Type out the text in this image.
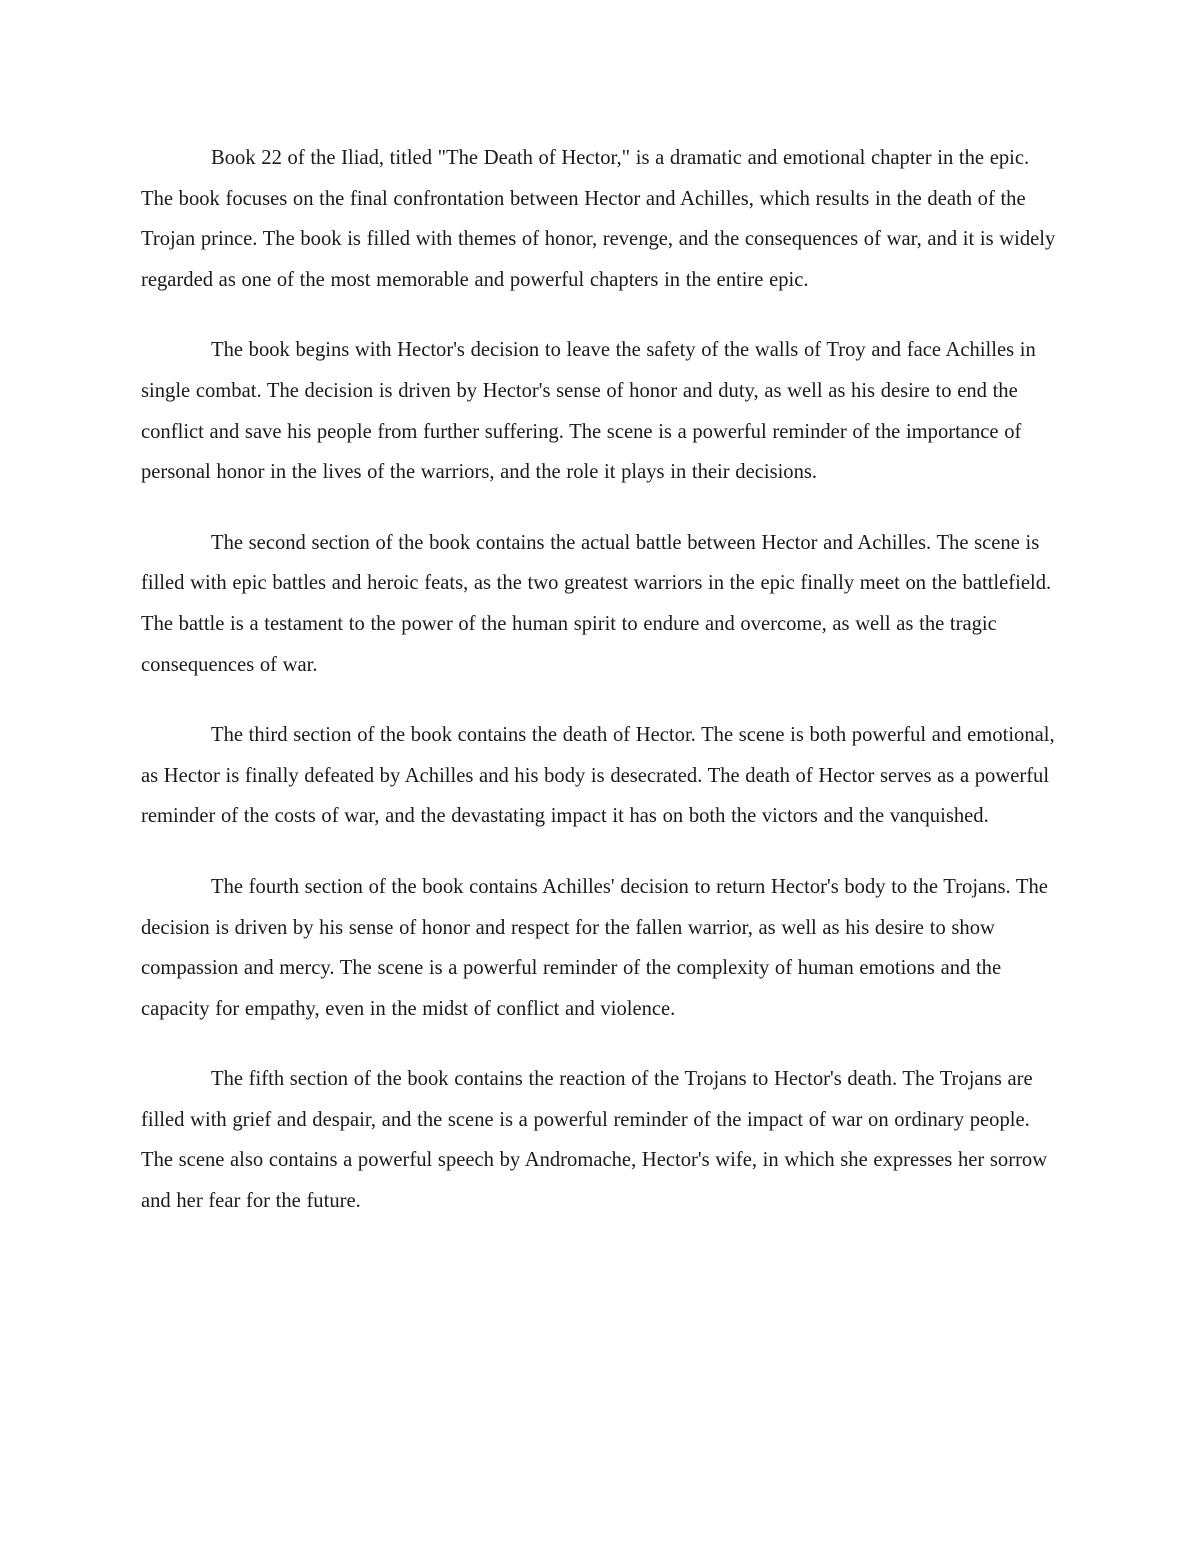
Book 22 of the Iliad, titled "The Death of Hector," is a dramatic and emotional chapter in the epic. The book focuses on the final confrontation between Hector and Achilles, which results in the death of the Trojan prince. The book is filled with themes of honor, revenge, and the consequences of war, and it is widely regarded as one of the most memorable and powerful chapters in the entire epic.

The book begins with Hector's decision to leave the safety of the walls of Troy and face Achilles in single combat. The decision is driven by Hector's sense of honor and duty, as well as his desire to end the conflict and save his people from further suffering. The scene is a powerful reminder of the importance of personal honor in the lives of the warriors, and the role it plays in their decisions.

The second section of the book contains the actual battle between Hector and Achilles. The scene is filled with epic battles and heroic feats, as the two greatest warriors in the epic finally meet on the battlefield. The battle is a testament to the power of the human spirit to endure and overcome, as well as the tragic consequences of war.

The third section of the book contains the death of Hector. The scene is both powerful and emotional, as Hector is finally defeated by Achilles and his body is desecrated. The death of Hector serves as a powerful reminder of the costs of war, and the devastating impact it has on both the victors and the vanquished.

The fourth section of the book contains Achilles' decision to return Hector's body to the Trojans. The decision is driven by his sense of honor and respect for the fallen warrior, as well as his desire to show compassion and mercy. The scene is a powerful reminder of the complexity of human emotions and the capacity for empathy, even in the midst of conflict and violence.

The fifth section of the book contains the reaction of the Trojans to Hector's death. The Trojans are filled with grief and despair, and the scene is a powerful reminder of the impact of war on ordinary people. The scene also contains a powerful speech by Andromache, Hector's wife, in which she expresses her sorrow and her fear for the future.
